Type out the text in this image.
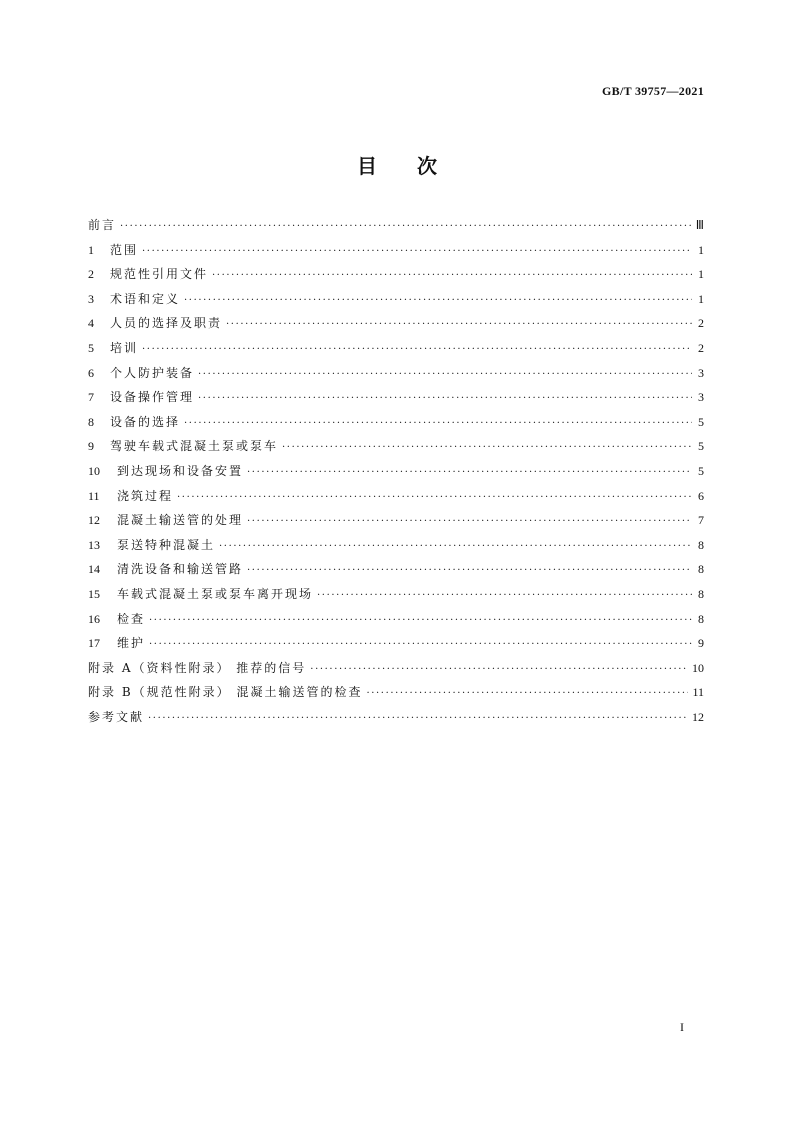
GB/T 39757—2021
目次
前言 ·····	Ⅲ
1	范围 ·····	1
2	规范性引用文件 ·····	1
3	术语和定义 ·····	1
4	人员的选择及职责 ·····	2
5	培训 ·····	2
6	个人防护装备 ·····	3
7	设备操作管理 ·····	3
8	设备的选择 ·····	5
9	驾驶车载式混凝土泵或泵车 ·····	5
10	到达现场和设备安置 ·····	5
11	浇筑过程 ·····	6
12	混凝土输送管的处理 ·····	7
13	泵送特种混凝土 ·····	8
14	清洗设备和输送管路 ·····	8
15	车载式混凝土泵或泵车离开现场 ·····	8
16	检查 ·····	8
17	维护 ·····	9
附录 A（资料性附录） 推荐的信号 ·····	10
附录 B（规范性附录） 混凝土输送管的检查 ·····	11
参考文献 ·····	12
I
